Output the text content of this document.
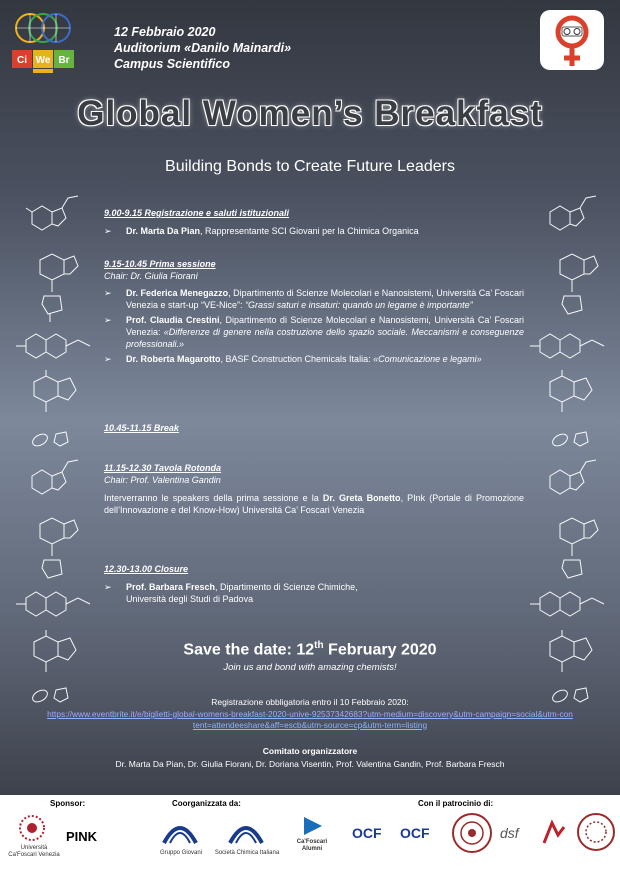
Ci We Br
12 Febbraio 2020
Auditorium «Danilo Mainardi»
Campus Scientifico
Global Women’s Breakfast
Building Bonds to Create Future Leaders
9.00-9.15 Registrazione e saluti istituzionali
➢	Dr. Marta Da Pian, Rappresentante SCI Giovani per la Chimica Organica
9.15-10.45 Prima sessione
Chair: Dr. Giulia Fiorani
➢	Dr. Federica Menegazzo, Dipartimento di Scienze Molecolari e Nanosistemi, Università Ca’ Foscari Venezia e start-up “VE-Nice”: “Grassi saturi e insaturi: quando un legame è importante”
➢	Prof. Claudia Crestini, Dipartimento di Scienze Molecolari e Nanosistemi, Universitá Ca’ Foscari Venezia: «Differenze di genere nella costruzione dello spazio sociale. Meccanismi e conseguenze professionali.»
➢	Dr. Roberta Magarotto, BASF Construction Chemicals Italia: «Comunicazione e legami»
10.45-11.15 Break
11.15-12.30 Tavola Rotonda
Chair: Prof. Valentina Gandin
Interverranno le speakers della prima sessione e la Dr. Greta Bonetto, PInk (Portale di Promozione dell’Innovazione e del Know-How) Universitá Ca’ Foscari Venezia
12.30-13.00 Closure
➢	Prof. Barbara Fresch, Dipartimento di Scienze Chimiche,
Università degli Studi di Padova
Save the date: 12th February 2020
Join us and bond with amazing chemists!
Registrazione obbligatoria entro il 10 Febbraio 2020:
https://www.eventbrite.it/e/biglietti-global-womens-breakfast-2020-unive-92537342683?utm-medium=discovery&utm-campaign=social&utm-content=attendeeshare&aff=escb&utm-source=cp&utm-term=listing
Comitato organizzatore
Dr. Marta Da Pian, Dr. Giulia Fiorani, Dr. Doriana Visentin, Prof. Valentina Gandin, Prof. Barbara Fresch
Sponsor:	Coorganizzata da:	Con il patrocinio di:
Università Ca'Foscari Venezia
PINK
Gruppo Giovani	Società Chimica Italiana
Ca'Foscari Alumni
OCF OCF	dsf
